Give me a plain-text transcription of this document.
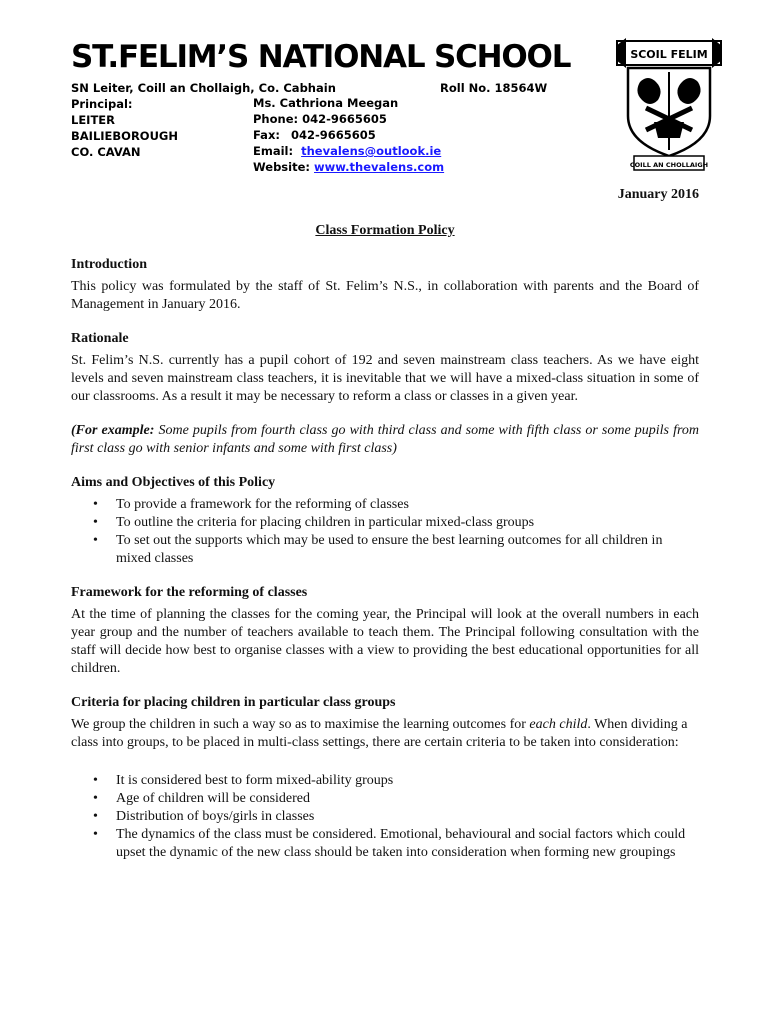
ST.FELIM’S NATIONAL SCHOOL
SN Leiter, Coill an Chollaigh, Co. Cabhain
Principal:
LEITER
BAILIEBOROUGH
CO. CAVAN
Roll No. 18564W
Ms. Cathriona Meegan
Phone: 042-9665605
Fax: 042-9665605
Email: thevalens@outlook.ie
Website: www.thevalens.com
SCOIL FELIM
COILL AN CHOLLAIGH

January 2016

Class Formation Policy

Introduction

This policy was formulated by the staff of St. Felim’s N.S., in collaboration with parents and the Board of Management in January 2016.

Rationale

St. Felim’s N.S. currently has a pupil cohort of 192 and seven mainstream class teachers. As we have eight levels and seven mainstream class teachers, it is inevitable that we will have a mixed-class situation in some of our classrooms. As a result it may be necessary to reform a class or classes in a given year.

(For example: Some pupils from fourth class go with third class and some with fifth class or some pupils from first class go with senior infants and some with first class)

Aims and Objectives of this Policy
• To provide a framework for the reforming of classes
• To outline the criteria for placing children in particular mixed-class groups
• To set out the supports which may be used to ensure the best learning outcomes for all children in mixed classes
Framework for the reforming of classes

At the time of planning the classes for the coming year, the Principal will look at the overall numbers in each year group and the number of teachers available to teach them. The Principal following consultation with the staff will decide how best to organise classes with a view to providing the best educational opportunities for all children.

Criteria for placing children in particular class groups

We group the children in such a way so as to maximise the learning outcomes for each child. When dividing a class into groups, to be placed in multi-class settings, there are certain criteria to be taken into consideration:

• It is considered best to form mixed-ability groups
• Age of children will be considered
• Distribution of boys/girls in classes
• The dynamics of the class must be considered. Emotional, behavioural and social factors which could upset the dynamic of the new class should be taken into consideration when forming new groupings
